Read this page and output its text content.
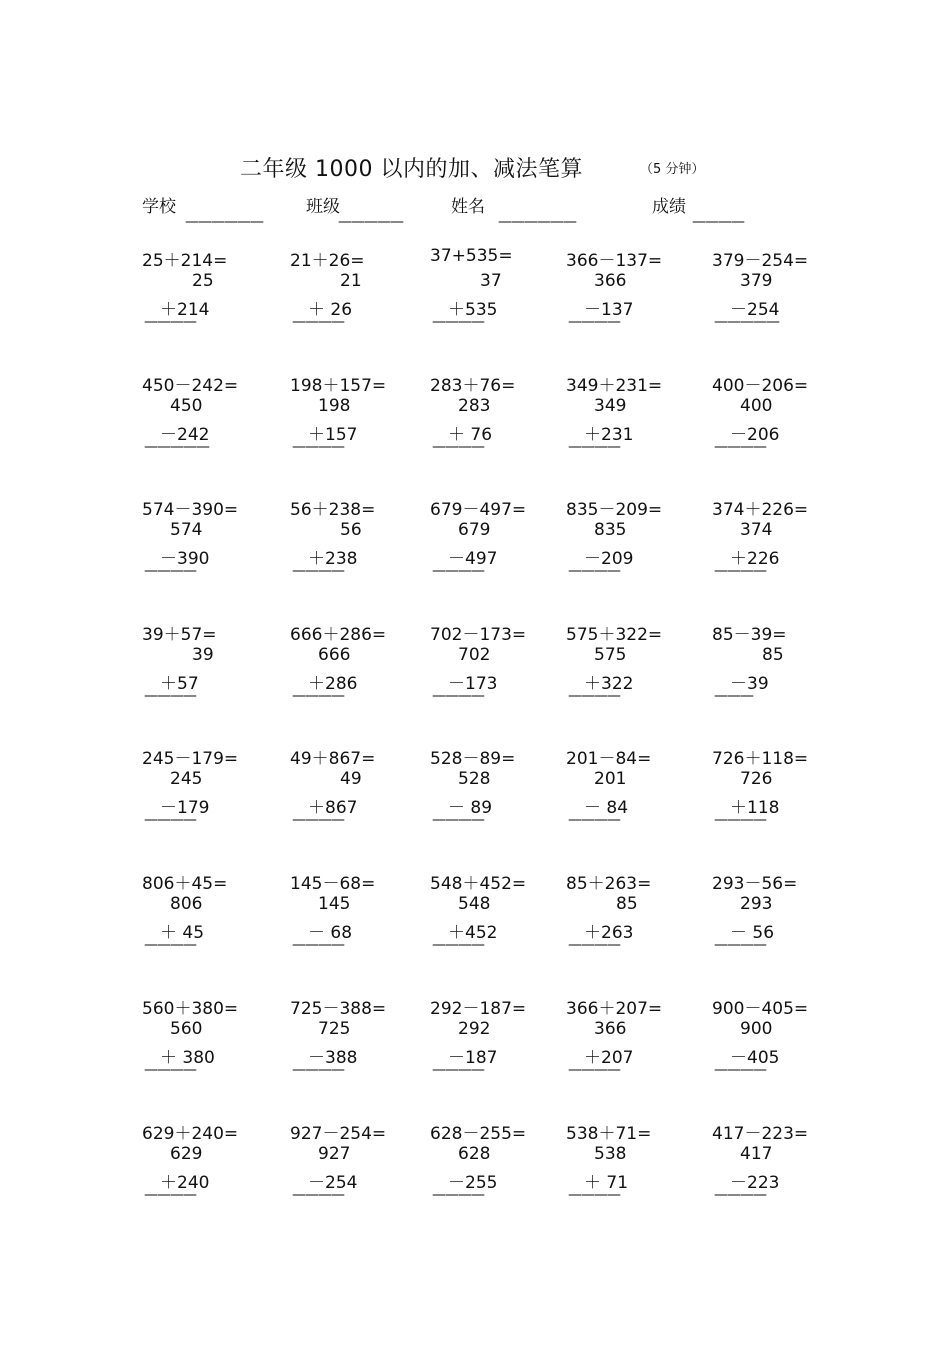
二年级 1000 以内的加、减法笔算	（5 分钟）
学校
——————
班级
—————
姓名
——————
成绩
————
25＋214=
25
＋214
————
21＋26=
21
＋ 26
————
37+535=
37
＋535
————
366－137=
366
－137
————
379－254=
379
－254
—————
450－242=
450
－242
—————
198＋157=
198
＋157
————
283＋76=
283
＋ 76
————
349＋231=
349
＋231
————
400－206=
400
－206
————
574－390=
574
－390
————
56＋238=
56
＋238
————
679－497=
679
－497
————
835－209=
835
－209
————
374＋226=
374
＋226
————
39＋57=
39
＋57
————
666＋286=
666
＋286
————
702－173=
702
－173
————
575＋322=
575
＋322
————
85－39=
85
－39
———
245－179=
245
－179
————
49＋867=
49
＋867
————
528－89=
528
－ 89
————
201－84=
201
－ 84
————
726＋118=
726
＋118
————
806＋45=
806
＋ 45
————
145－68=
145
－ 68
————
548＋452=
548
＋452
————
85＋263=
85
＋263
————
293－56=
293
－ 56
————
560＋380=
560
＋ 380
————
725－388=
725
－388
————
292－187=
292
－187
————
366＋207=
366
＋207
————
900－405=
900
－405
————
629＋240=
629
＋240
————
927－254=
927
－254
————
628－255=
628
－255
————
538＋71=
538
＋ 71
————
417－223=
417
－223
————
